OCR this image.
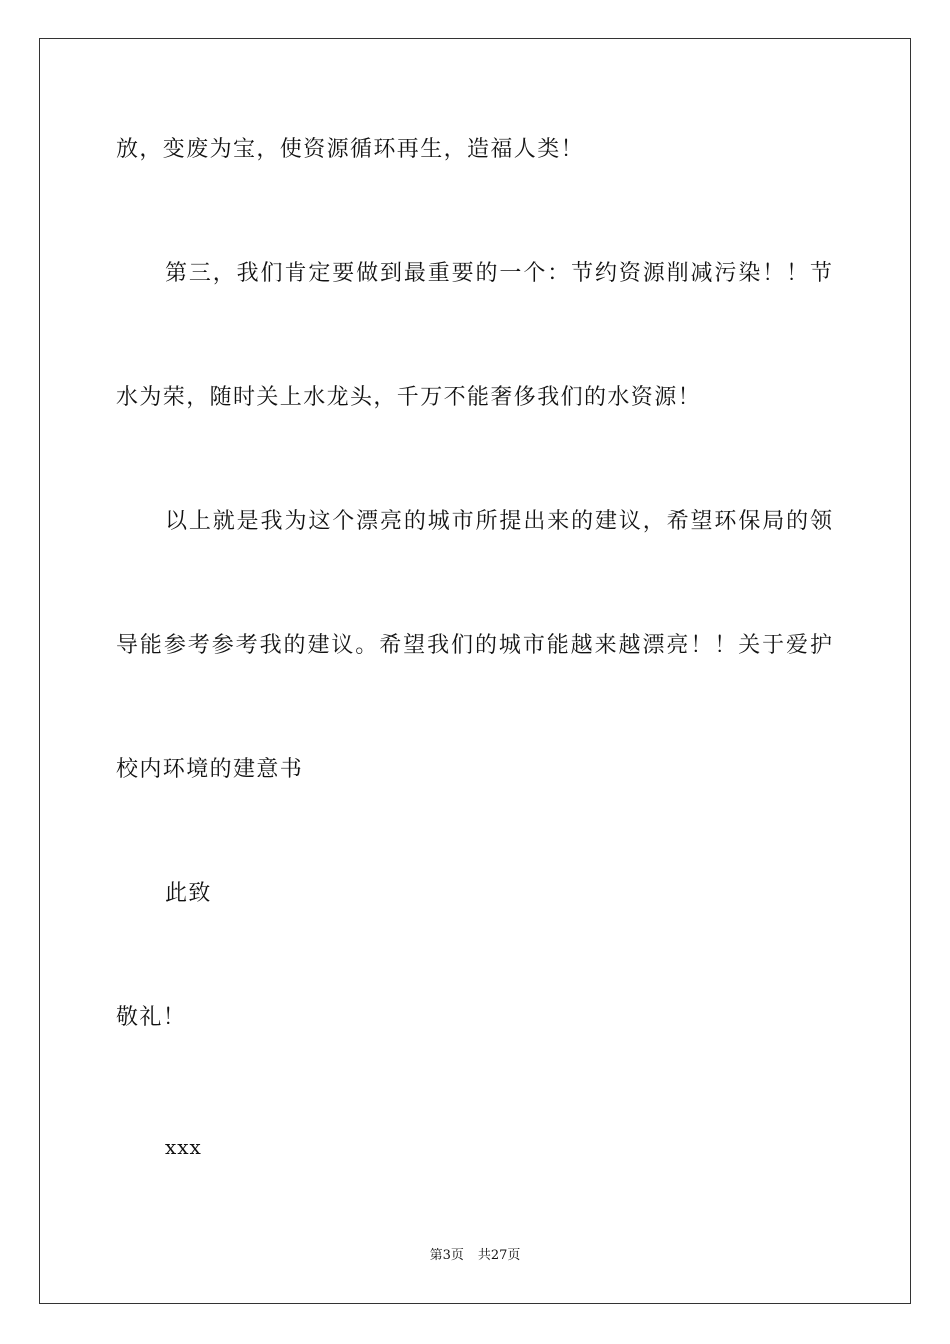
放，变废为宝，使资源循环再生，造福人类！
第三，我们肯定要做到最重要的一个：节约资源削减污染！！节
水为荣，随时关上水龙头，千万不能奢侈我们的水资源！
以上就是我为这个漂亮的城市所提出来的建议，希望环保局的领
导能参考参考我的建议。希望我们的城市能越来越漂亮！！关于爱护
校内环境的建意书
此致
敬礼！
xxx
第3页 共27页
